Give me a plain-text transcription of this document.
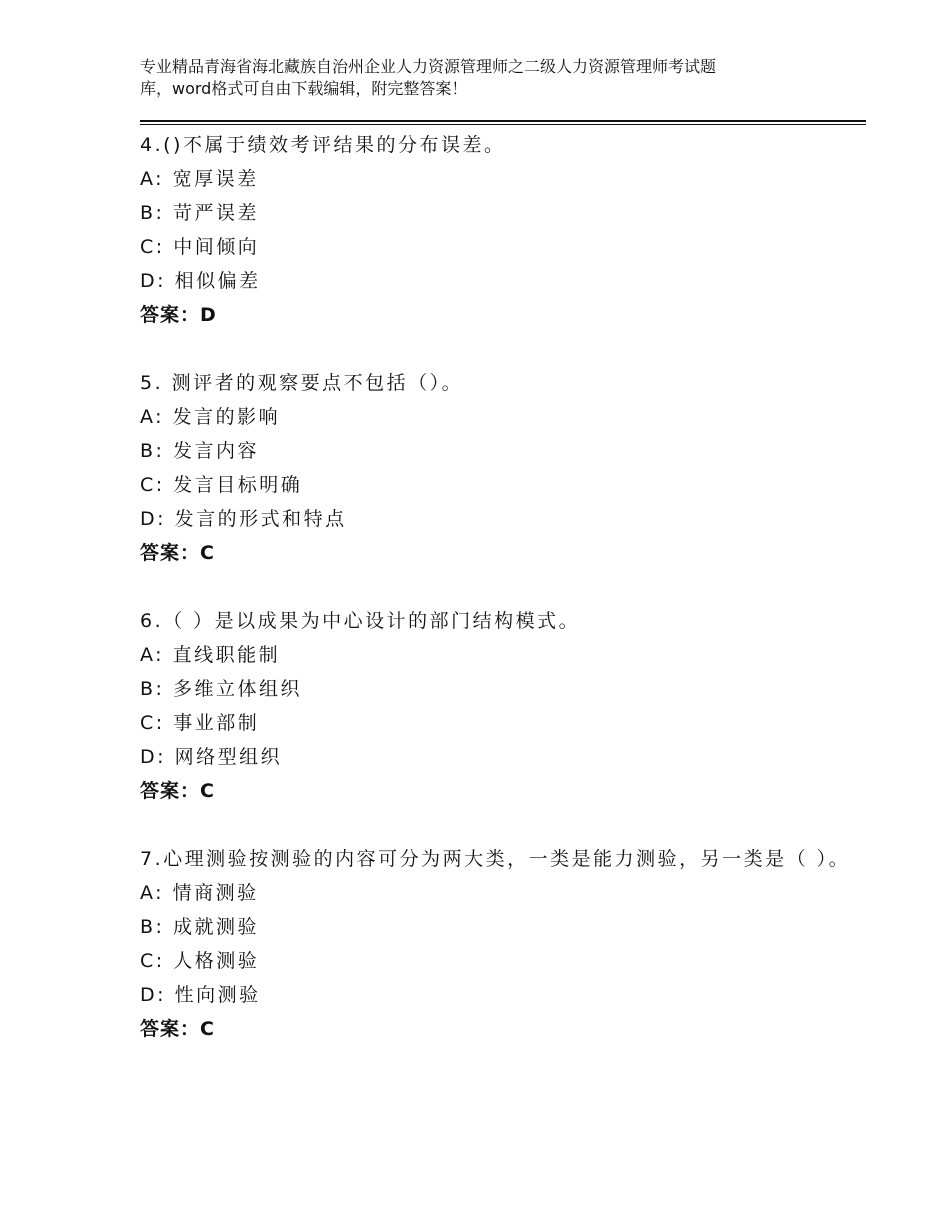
专业精品青海省海北藏族自治州企业人力资源管理师之二级人力资源管理师考试题
库，word格式可自由下载编辑，附完整答案！
4.()不属于绩效考评结果的分布误差。
A: 宽厚误差
B: 苛严误差
C: 中间倾向
D: 相似偏差
答案：D
5. 测评者的观察要点不包括（）。
A: 发言的影响
B: 发言内容
C: 发言目标明确
D: 发言的形式和特点
答案：C
6.（ ）是以成果为中心设计的部门结构模式。
A: 直线职能制
B: 多维立体组织
C: 事业部制
D: 网络型组织
答案：C
7.心理测验按测验的内容可分为两大类，一类是能力测验，另一类是（ ）。
A: 情商测验
B: 成就测验
C: 人格测验
D: 性向测验
答案：C
